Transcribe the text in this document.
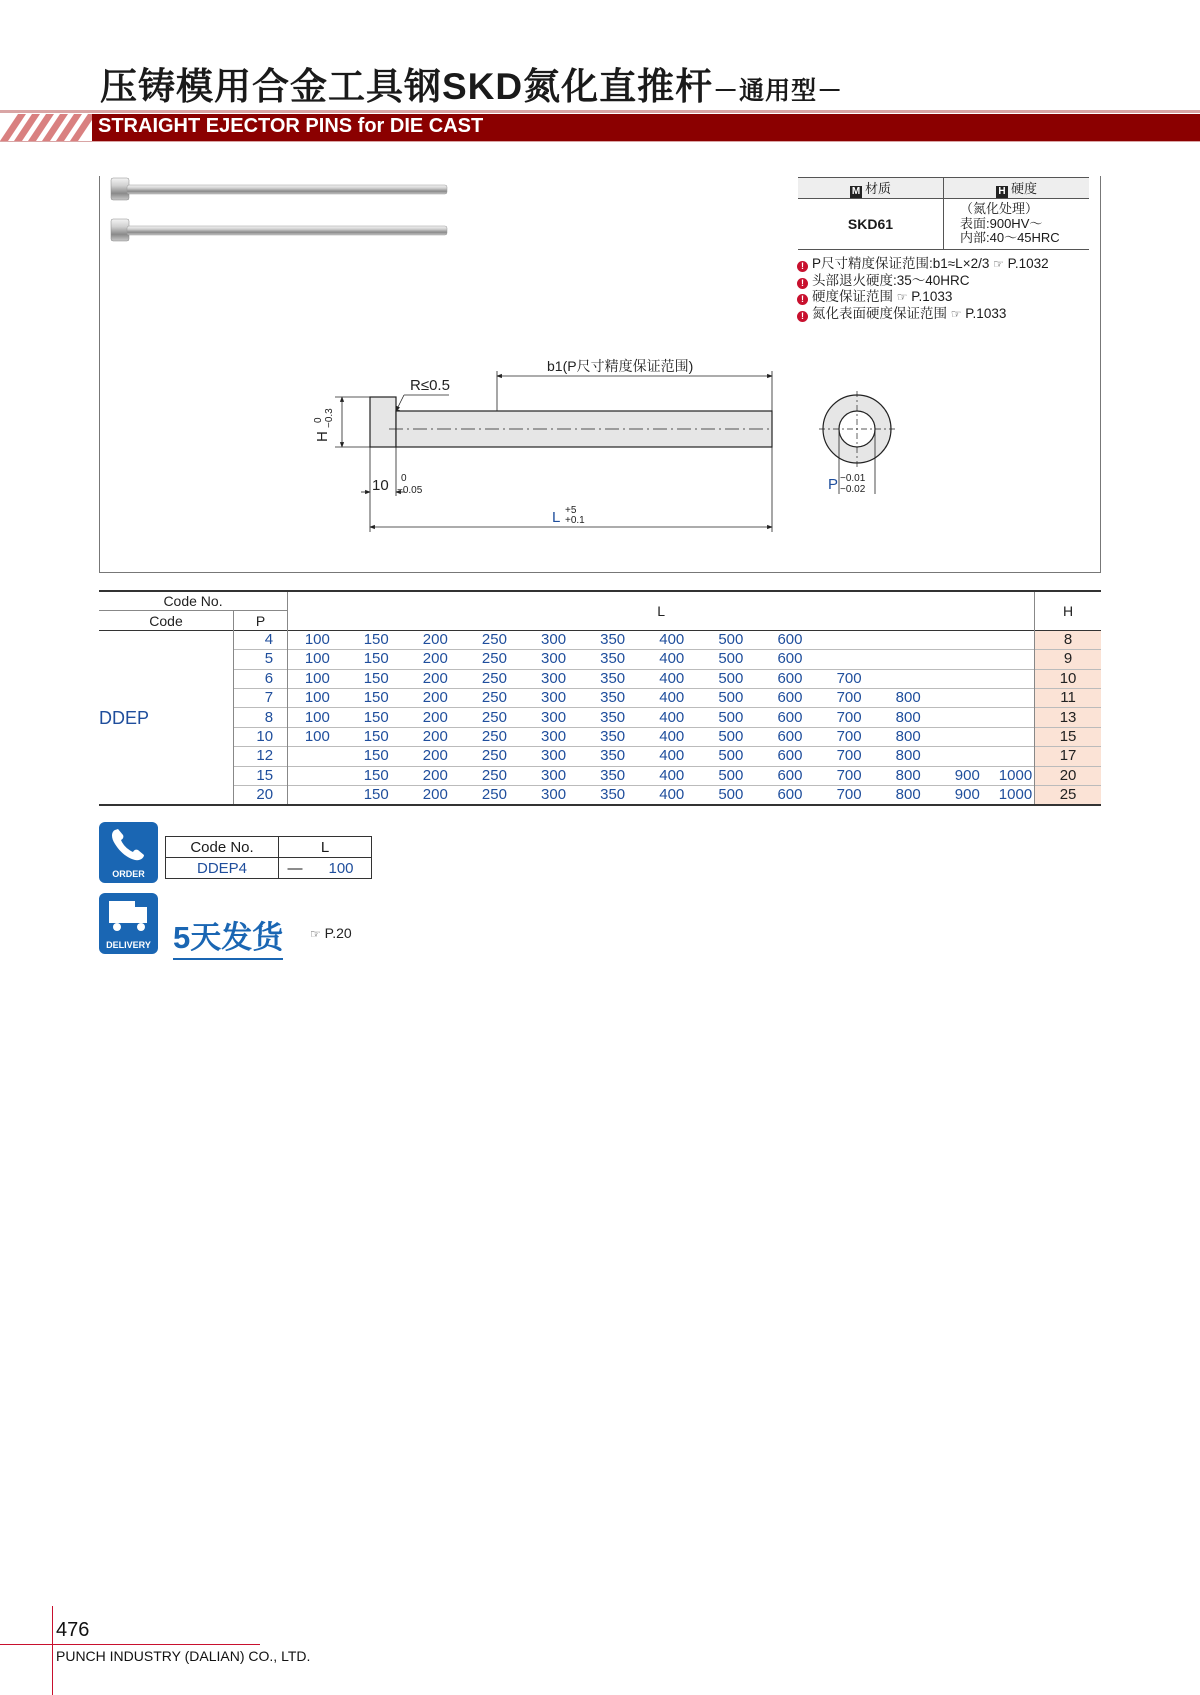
压铸模用合金工具钢SKD氮化直推杆－通用型－
STRAIGHT EJECTOR PINS for DIE CAST
b1(P尺寸精度保证范围)
R≤0.5
H
0 −0.3
10 0
−0.05
L +5
+0.1
P −0.01
−0.02
M 材质	H 硬度
SKD61	（氮化处理）
表面:900HV～
内部:40～45HRC
! P尺寸精度保证范围:b1≈L×2/3 ☞ P.1032
! 头部退火硬度:35～40HRC
! 硬度保证范围 ☞ P.1033
! 氮化表面硬度保证范围 ☞ P.1033
Code No.		L													H
Code	P														
DDEP	4	100	150	200	250	300	350	400	500	600					8
	5	100	150	200	250	300	350	400	500	600					9
	6	100	150	200	250	300	350	400	500	600	700				10
	7	100	150	200	250	300	350	400	500	600	700	800			11
	8	100	150	200	250	300	350	400	500	600	700	800			13
	10	100	150	200	250	300	350	400	500	600	700	800			15
	12		150	200	250	300	350	400	500	600	700	800			17
	15		150	200	250	300	350	400	500	600	700	800	900	1000	20
	20		150	200	250	300	350	400	500	600	700	800	900	1000	25
ORDER
Code No.	L	
DDEP4	—	100
DELIVERY 5天发货 ☞ P.20
476
PUNCH INDUSTRY (DALIAN) CO., LTD.
